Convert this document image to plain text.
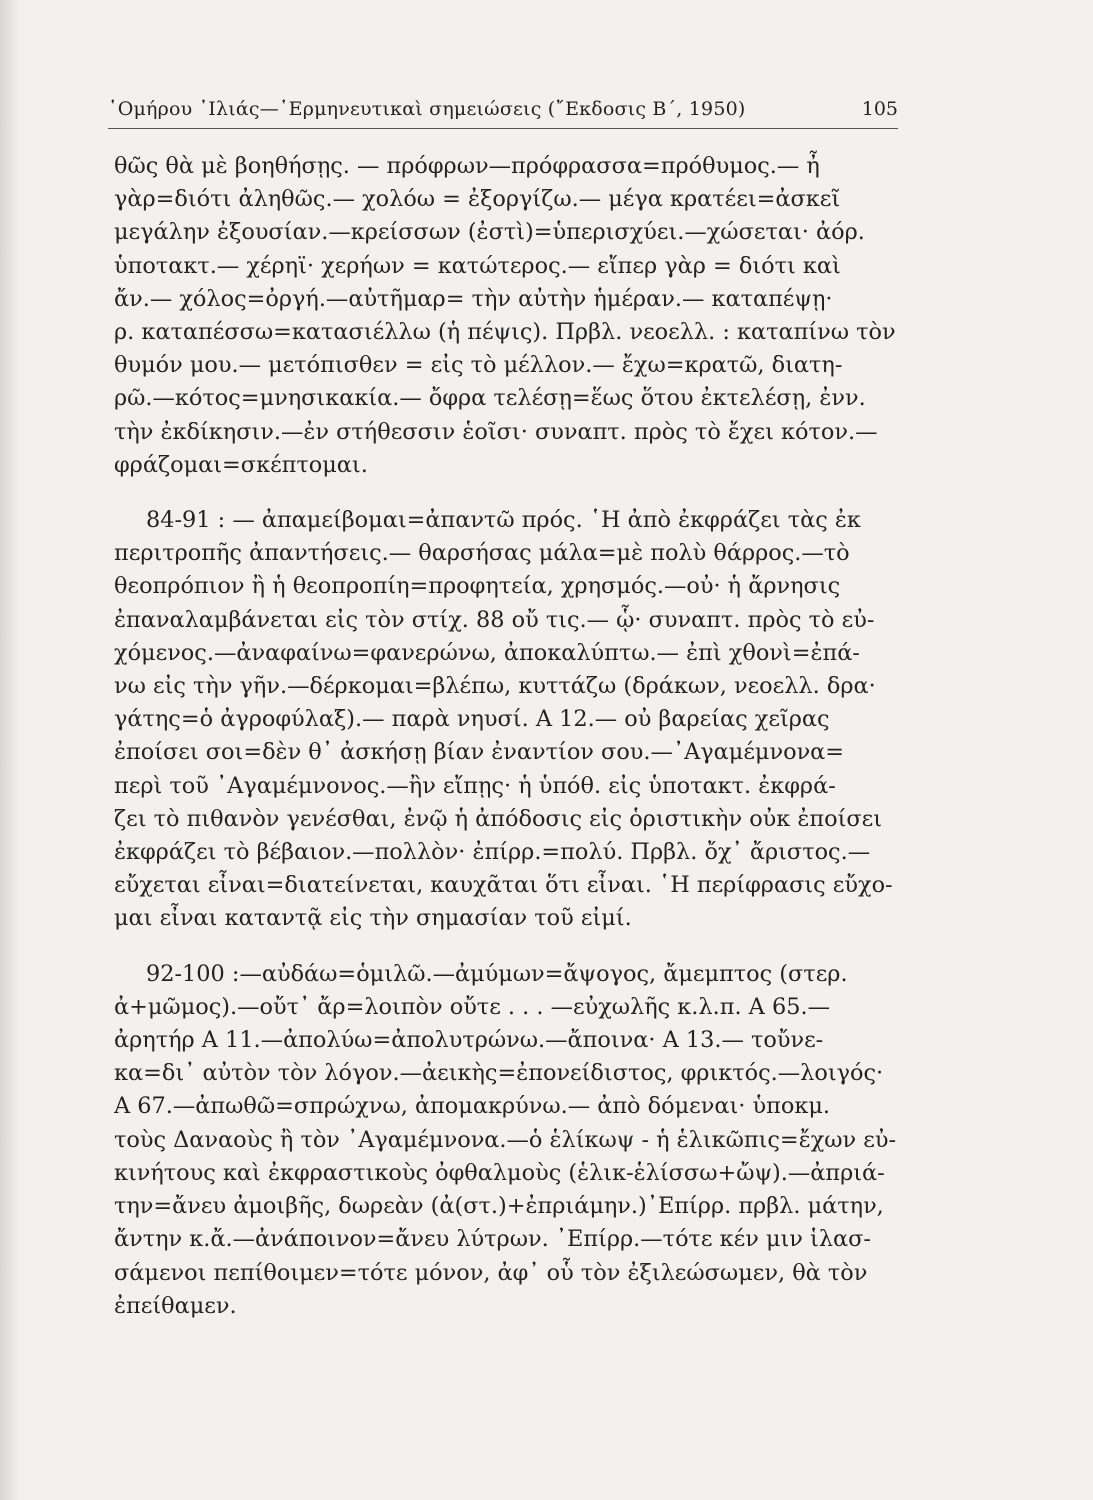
῾Ομήρου ᾿Ιλιάς—῾Ερμηνευτικαὶ σημειώσεις (῎Εκδοσις Β΄, 1950)	105

θῶς θὰ μὲ βοηθήσῃς. — πρόφρων—πρόφρασσα=πρόθυμος.— ἦ
γὰρ=διότι ἀληθῶς.— χολόω = ἐξοργίζω.— μέγα κρατέει=ἀσκεῖ
μεγάλην ἐξουσίαν.—κρείσσων (ἐστὶ)=ὑπερισχύει.—χώσεται· ἀόρ.
ὑποτακτ.— χέρηϊ· χερήων = κατώτερος.— εἴπερ γὰρ = διότι καὶ
ἄν.— χόλος=ὀργή.—αὐτῆμαρ= τὴν αὐτὴν ἡμέραν.— καταπέψῃ·
ρ. καταπέσσω=κατασιέλλω (ἡ πέψις). Πρβλ. νεοελλ. : καταπίνω τὸν
θυμόν μου.— μετόπισθεν = εἰς τὸ μέλλον.— ἔχω=κρατῶ, διατη-
ρῶ.—κότος=μνησικακία.— ὄφρα τελέσῃ=ἕως ὅτου ἐκτελέσῃ, ἐνν.
τὴν ἐκδίκησιν.—ἐν στήθεσσιν ἑοῖσι· συναπτ. πρὸς τὸ ἔχει κότον.—
φράζομαι=σκέπτομαι.

84-91 : — ἀπαμείβομαι=ἀπαντῶ πρός. ῾Η ἀπὸ ἐκφράζει τὰς ἐκ
περιτροπῆς ἀπαντήσεις.— θαρσήσας μάλα=μὲ πολὺ θάρρος.—τὸ
θεοπρόπιον ἢ ἡ θεοπροπίη=προφητεία, χρησμός.—οὐ· ἡ ἄρνησις
ἐπαναλαμβάνεται εἰς τὸν στίχ. 88 οὔ τις.— ᾧ· συναπτ. πρὸς τὸ εὐ-
χόμενος.—ἀναφαίνω=φανερώνω, ἀποκαλύπτω.— ἐπὶ χθονὶ=ἐπά-
νω εἰς τὴν γῆν.—δέρκομαι=βλέπω, κυττάζω (δράκων, νεοελλ. δρα·
γάτης=ὁ ἀγροφύλαξ).— παρὰ νηυσί. Α 12.— οὐ βαρείας χεῖρας
ἐποίσει σοι=δὲν θ᾿ ἀσκήσῃ βίαν ἐναντίον σου.—᾿Αγαμέμνονα=
περὶ τοῦ ᾿Αγαμέμνονος.—ἢν εἴπῃς· ἡ ὑπόθ. εἰς ὑποτακτ. ἐκφρά-
ζει τὸ πιθανὸν γενέσθαι, ἐνῷ ἡ ἀπόδοσις εἰς ὁριστικὴν οὐκ ἐποίσει
ἐκφράζει τὸ βέβαιον.—πολλὸν· ἐπίρρ.=πολύ. Πρβλ. ὄχ᾿ ἄριστος.—
εὔχεται εἶναι=διατείνεται, καυχᾶται ὅτι εἶναι. ῾Η περίφρασις εὔχο-
μαι εἶναι καταντᾷ εἰς τὴν σημασίαν τοῦ εἰμί.

92-100 :—αὐδάω=ὁμιλῶ.—ἀμύμων=ἄψογος, ἄμεμπτος (στερ.
ἀ+μῶμος).—οὔτ᾿ ἄρ=λοιπὸν οὔτε . . . —εὐχωλῆς κ.λ.π. Α 65.—
ἀρητήρ Α 11.—ἀπολύω=ἀπολυτρώνω.—ἄποινα· Α 13.— τοὔνε-
κα=δι᾿ αὐτὸν τὸν λόγον.—ἀεικὴς=ἐπονείδιστος, φρικτός.—λοιγός·
Α 67.—ἀπωθῶ=σπρώχνω, ἀπομακρύνω.— ἀπὸ δόμεναι· ὑποκμ.
τοὺς Δαναοὺς ἢ τὸν ᾿Αγαμέμνονα.—ὁ ἑλίκωψ - ἡ ἑλικῶπις=ἔχων εὐ-
κινήτους καὶ ἐκφραστικοὺς ὀφθαλμοὺς (ἑλικ-ἑλίσσω+ὤψ).—ἀπριά-
την=ἄνευ ἀμοιβῆς, δωρεὰν (ἀ(στ.)+ἐπριάμην.)᾿Επίρρ. πρβλ. μάτην,
ἄντην κ.ἄ.—ἀνάποινον=ἄνευ λύτρων. ᾿Επίρρ.—τότε κέν μιν ἱλασ-
σάμενοι πεπίθοιμεν=τότε μόνον, ἀφ᾿ οὗ τὸν ἐξιλεώσωμεν, θὰ τὸν
ἐπείθαμεν.
